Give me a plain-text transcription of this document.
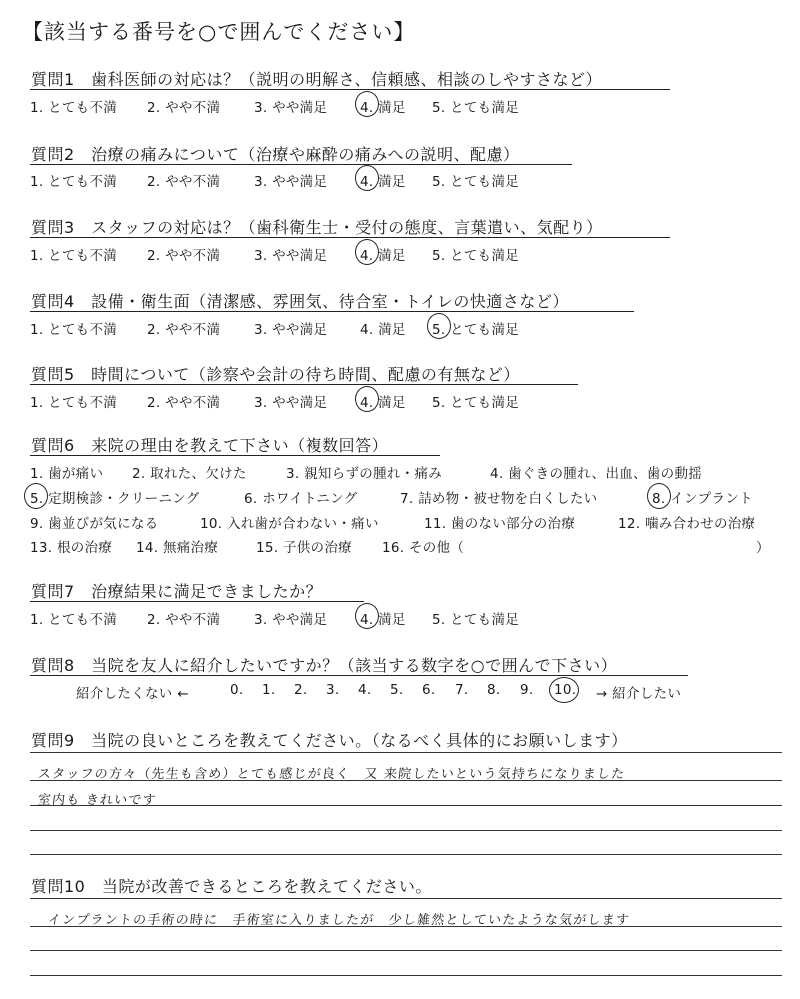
【該当する番号を○で囲んでください】
質問1　歯科医師の対応は？（説明の明解さ、信頼感、相談のしやすさなど）
1. とても不満 2. やや不満 3. やや満足 4. 満足 5. とても満足
質問2　治療の痛みについて（治療や麻酔の痛みへの説明、配慮）
1. とても不満 2. やや不満 3. やや満足 4. 満足 5. とても満足
質問3　スタッフの対応は？（歯科衛生士・受付の態度、言葉遣い、気配り）
1. とても不満 2. やや不満 3. やや満足 4. 満足 5. とても満足
質問4　設備・衛生面（清潔感、雰囲気、待合室・トイレの快適さなど）
1. とても不満 2. やや不満 3. やや満足 4. 満足 5. とても満足
質問5　時間について（診察や会計の待ち時間、配慮の有無など）
1. とても不満 2. やや不満 3. やや満足 4. 満足 5. とても満足
質問6　来院の理由を教えて下さい（複数回答）
1. 歯が痛い 2. 取れた、欠けた	3. 親知らずの腫れ・痛み	4. 歯ぐきの腫れ、出血、歯の動揺
5. 定期検診・クリーニング	6. ホワイトニング	7. 詰め物・被せ物を白くしたい	8. インプラント
9. 歯並びが気になる	10. 入れ歯が合わない・痛い	11. 歯のない部分の治療	12. 噛み合わせの治療
13. 根の治療 14. 無痛治療	15. 子供の治療 16. その他（	）
質問7　治療結果に満足できましたか？
1. とても不満 2. やや不満 3. やや満足 4. 満足 5. とても満足
質問8　当院を友人に紹介したいですか？（該当する数字を○で囲んで下さい）
紹介したくない ←	0. 1. 2. 3. 4. 5. 6. 7. 8. 9. 10. → 紹介したい
質問9　当院の良いところを教えてください。（なるべく具体的にお願いします）
スタッフの方々（先生も含め）とても感じが良く　又 来院したいという気持ちになりました
室内も きれいです
質問10　当院が改善できるところを教えてください。
インプラントの手術の時に　手術室に入りましたが　少し雑然としていたような気がします
